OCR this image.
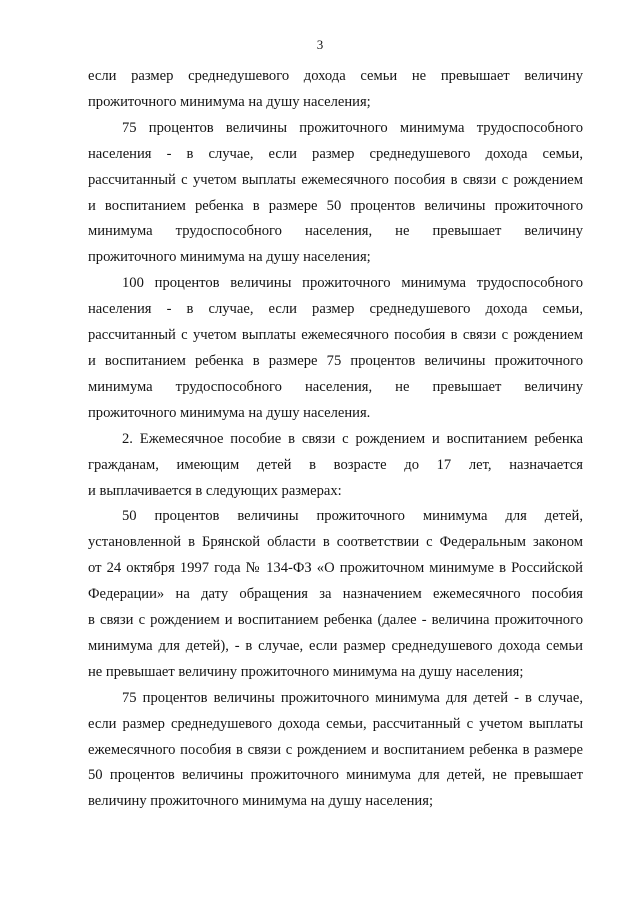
3
если размер среднедушевого дохода семьи не превышает величину
прожиточного минимума на душу населения;
75 процентов величины прожиточного минимума трудоспособного
населения - в случае, если размер среднедушевого дохода семьи,
рассчитанный с учетом выплаты ежемесячного пособия в связи с рождением
и воспитанием ребенка в размере 50 процентов величины прожиточного
минимума трудоспособного населения, не превышает величину
прожиточного минимума на душу населения;
100 процентов величины прожиточного минимума трудоспособного
населения - в случае, если размер среднедушевого дохода семьи,
рассчитанный с учетом выплаты ежемесячного пособия в связи с рождением
и воспитанием ребенка в размере 75 процентов величины прожиточного
минимума трудоспособного населения, не превышает величину
прожиточного минимума на душу населения.
2. Ежемесячное пособие в связи с рождением и воспитанием ребенка
гражданам, имеющим детей в возрасте до 17 лет, назначается
и выплачивается в следующих размерах:
50 процентов величины прожиточного минимума для детей,
установленной в Брянской области в соответствии с Федеральным законом
от 24 октября 1997 года № 134-ФЗ «О прожиточном минимуме в Российской
Федерации» на дату обращения за назначением ежемесячного пособия
в связи с рождением и воспитанием ребенка (далее - величина прожиточного
минимума для детей), - в случае, если размер среднедушевого дохода семьи
не превышает величину прожиточного минимума на душу населения;
75 процентов величины прожиточного минимума для детей - в случае,
если размер среднедушевого дохода семьи, рассчитанный с учетом выплаты
ежемесячного пособия в связи с рождением и воспитанием ребенка в размере
50 процентов величины прожиточного минимума для детей, не превышает
величину прожиточного минимума на душу населения;
